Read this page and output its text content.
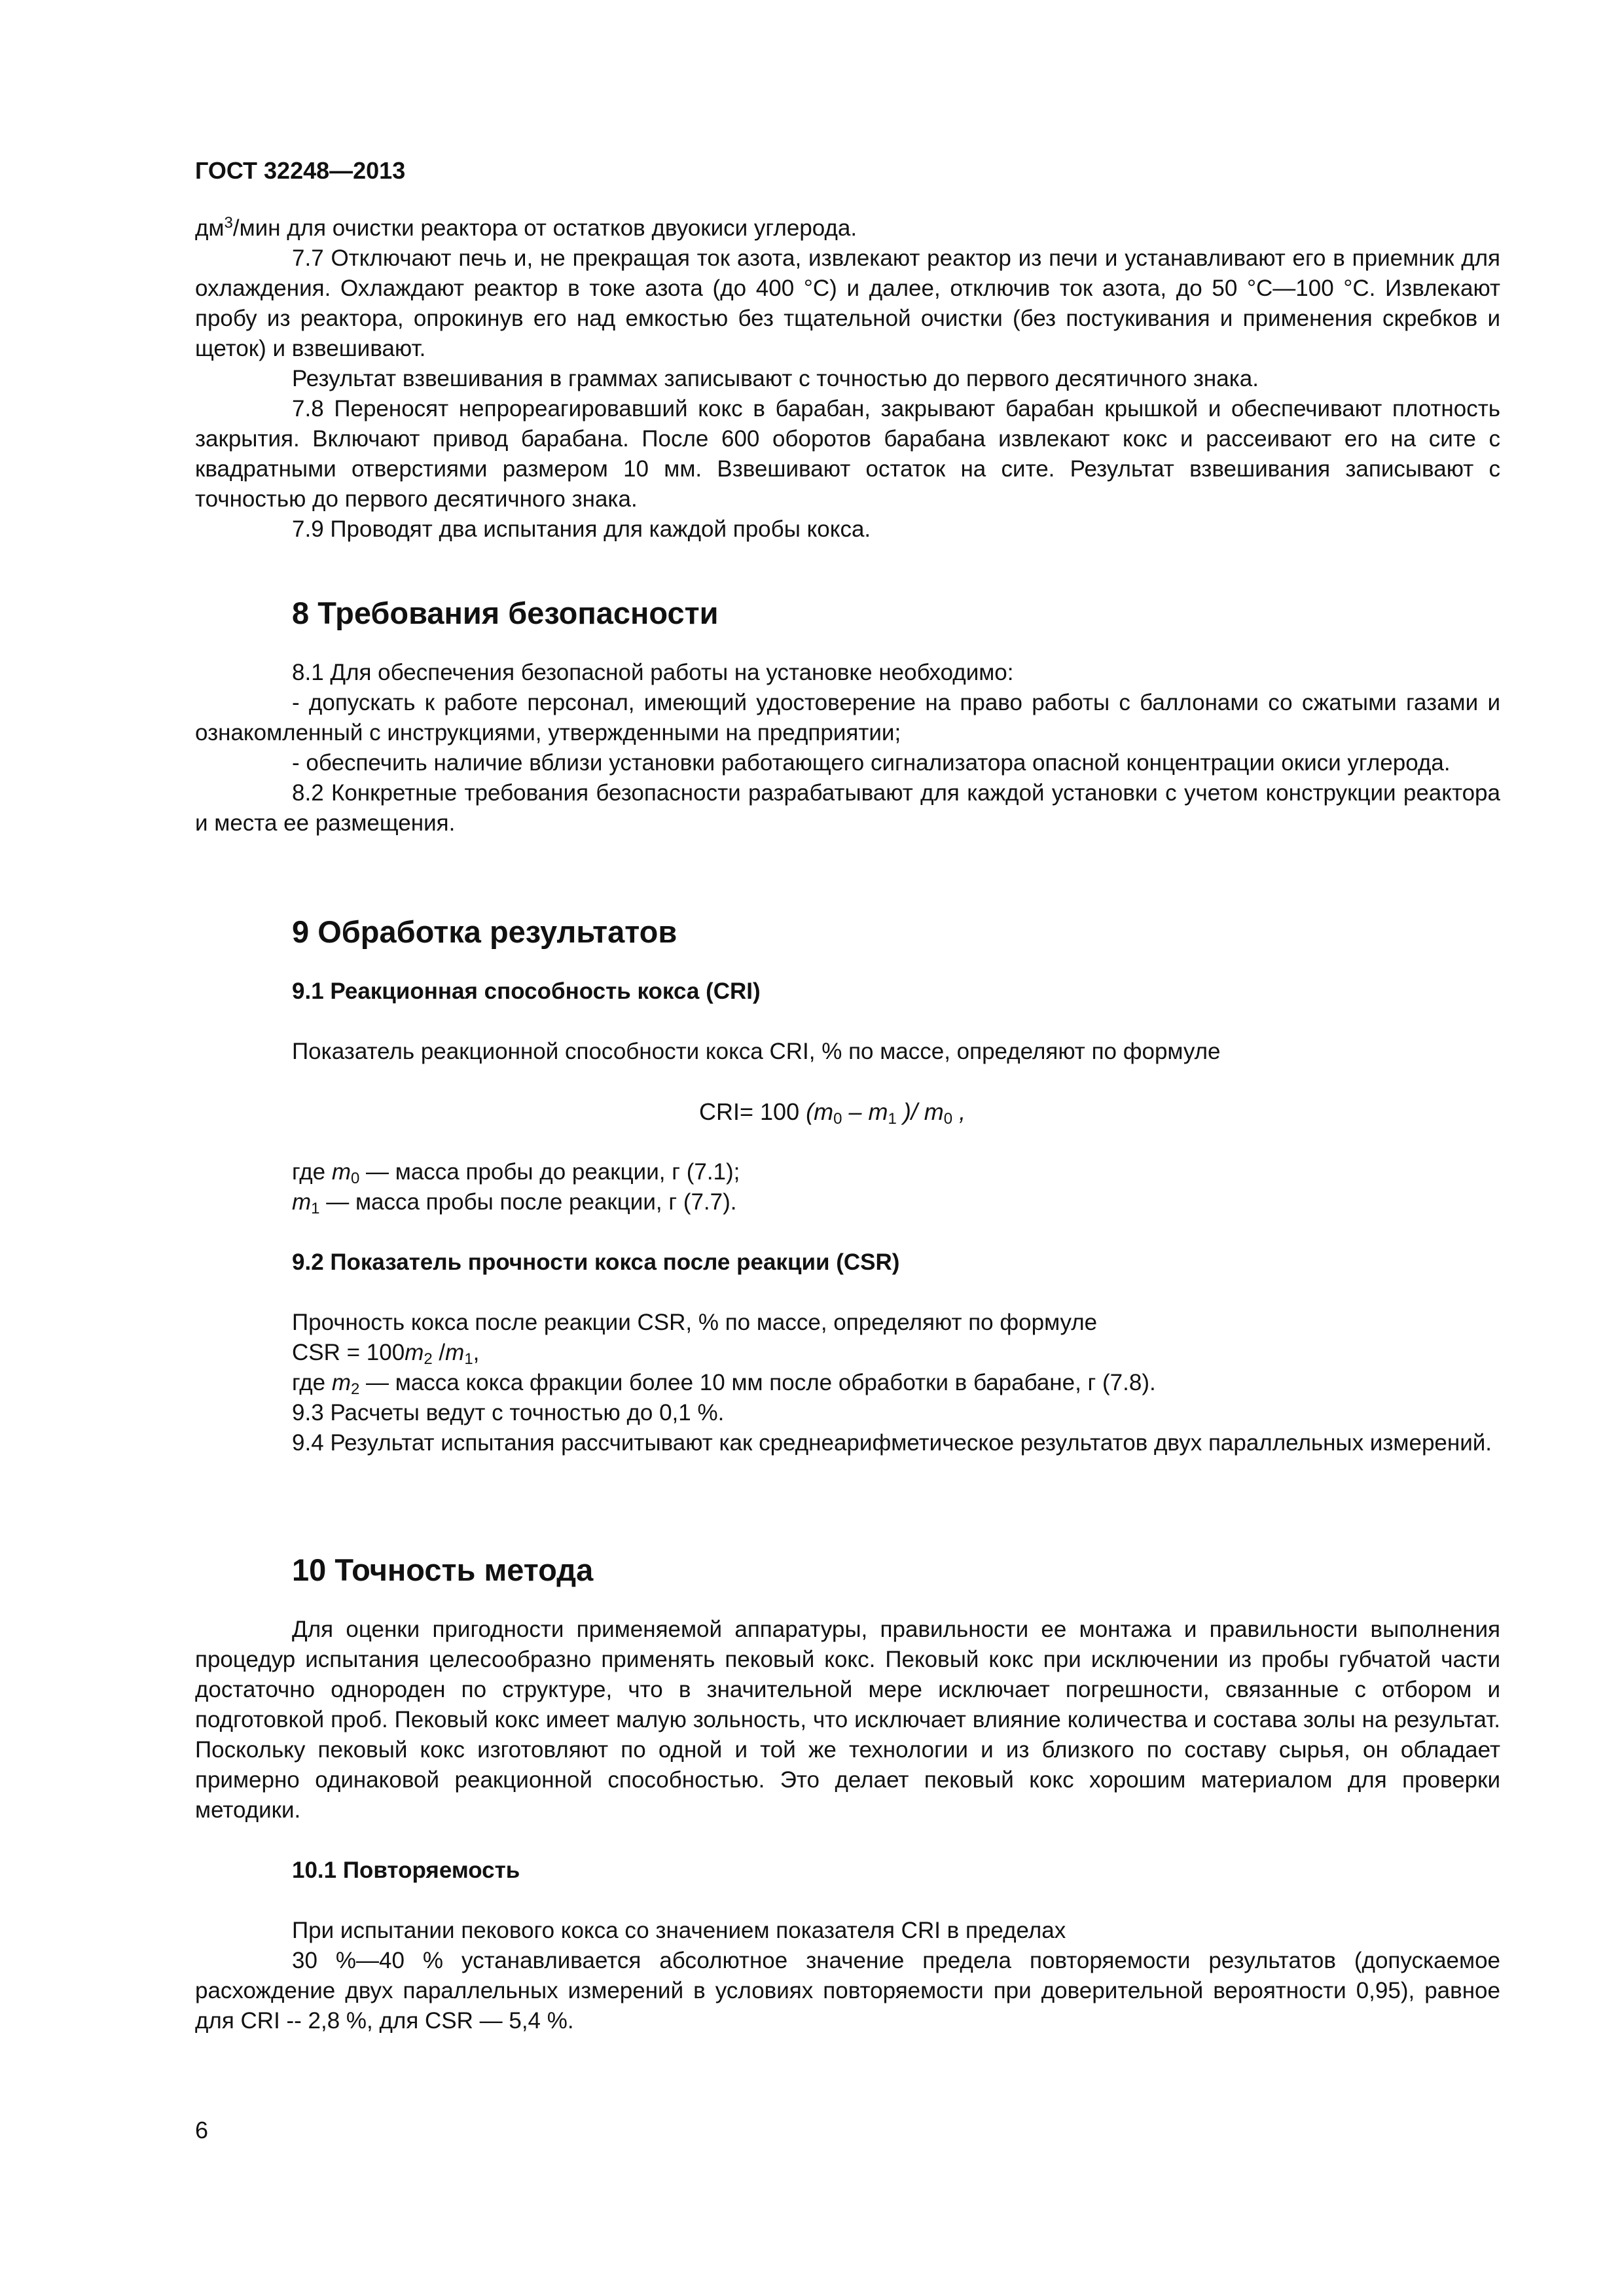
ГОСТ 32248—2013

$дм^3$/мин для очистки реактора от остатков двуокиси углерода.

7.7 Отключают печь и, не прекращая ток азота, извлекают реактор из печи и устанавливают его в приемник для охлаждения. Охлаждают реактор в токе азота (до 400 °С) и далее, отключив ток азота, до 50 °С—100 °С. Извлекают пробу из реактора, опрокинув его над емкостью без тщательной очистки (без постукивания и применения скребков и щеток) и взвешивают.

Результат взвешивания в граммах записывают с точностью до первого десятичного знака.

7.8 Переносят непрореагировавший кокс в барабан, закрывают барабан крышкой и обеспечивают плотность закрытия. Включают привод барабана. После 600 оборотов барабана извлекают кокс и рассеивают его на сите с квадратными отверстиями размером 10 мм. Взвешивают остаток на сите. Результат взвешивания записывают с точностью до первого десятичного знака.

7.9 Проводят два испытания для каждой пробы кокса.

8 Требования безопасности

8.1 Для обеспечения безопасной работы на установке необходимо:

- допускать к работе персонал, имеющий удостоверение на право работы с баллонами со сжатыми газами и ознакомленный с инструкциями, утвержденными на предприятии;

- обеспечить наличие вблизи установки работающего сигнализатора опасной концентрации окиси углерода.

8.2 Конкретные требования безопасности разрабатывают для каждой установки с учетом конструкции реактора и места ее размещения.

9 Обработка результатов
9.1 Реакционная способность кокса (CRI)

Показатель реакционной способности кокса CRI, % по массе, определяют по формуле

CRI= 100 ($m_0 - m_1$ )/ $m_0$ ,

где $m_0$ — масса пробы до реакции, г (7.1);

$m_1$ — масса пробы после реакции, г (7.7).

9.2 Показатель прочности кокса после реакции (CSR)

Прочность кокса после реакции CSR, % по массе, определяют по формуле

CSR = $100m_2$ $/m_1$,

где $m_2$ — масса кокса фракции более 10 мм после обработки в барабане, г (7.8).

9.3 Расчеты ведут с точностью до 0,1 %.

9.4 Результат испытания рассчитывают как среднеарифметическое результатов двух параллельных измерений.

10 Точность метода

Для оценки пригодности применяемой аппаратуры, правильности ее монтажа и правильности выполнения процедур испытания целесообразно применять пековый кокс. Пековый кокс при исключении из пробы губчатой части достаточно однороден по структуре, что в значительной мере исключает погрешности, связанные с отбором и подготовкой проб. Пековый кокс имеет малую зольность, что исключает влияние количества и состава золы на результат. Поскольку пековый кокс изготовляют по одной и той же технологии и из близкого по составу сырья, он обладает примерно одинаковой реакционной способностью. Это делает пековый кокс хорошим материалом для проверки методики.

10.1 Повторяемость

При испытании пекового кокса со значением показателя CRI в пределах

30 %—40 % устанавливается абсолютное значение предела повторяемости результатов (допускаемое расхождение двух параллельных измерений в условиях повторяемости при доверительной вероятности 0,95), равное для CRI -- 2,8 %, для CSR — 5,4 %.

6
